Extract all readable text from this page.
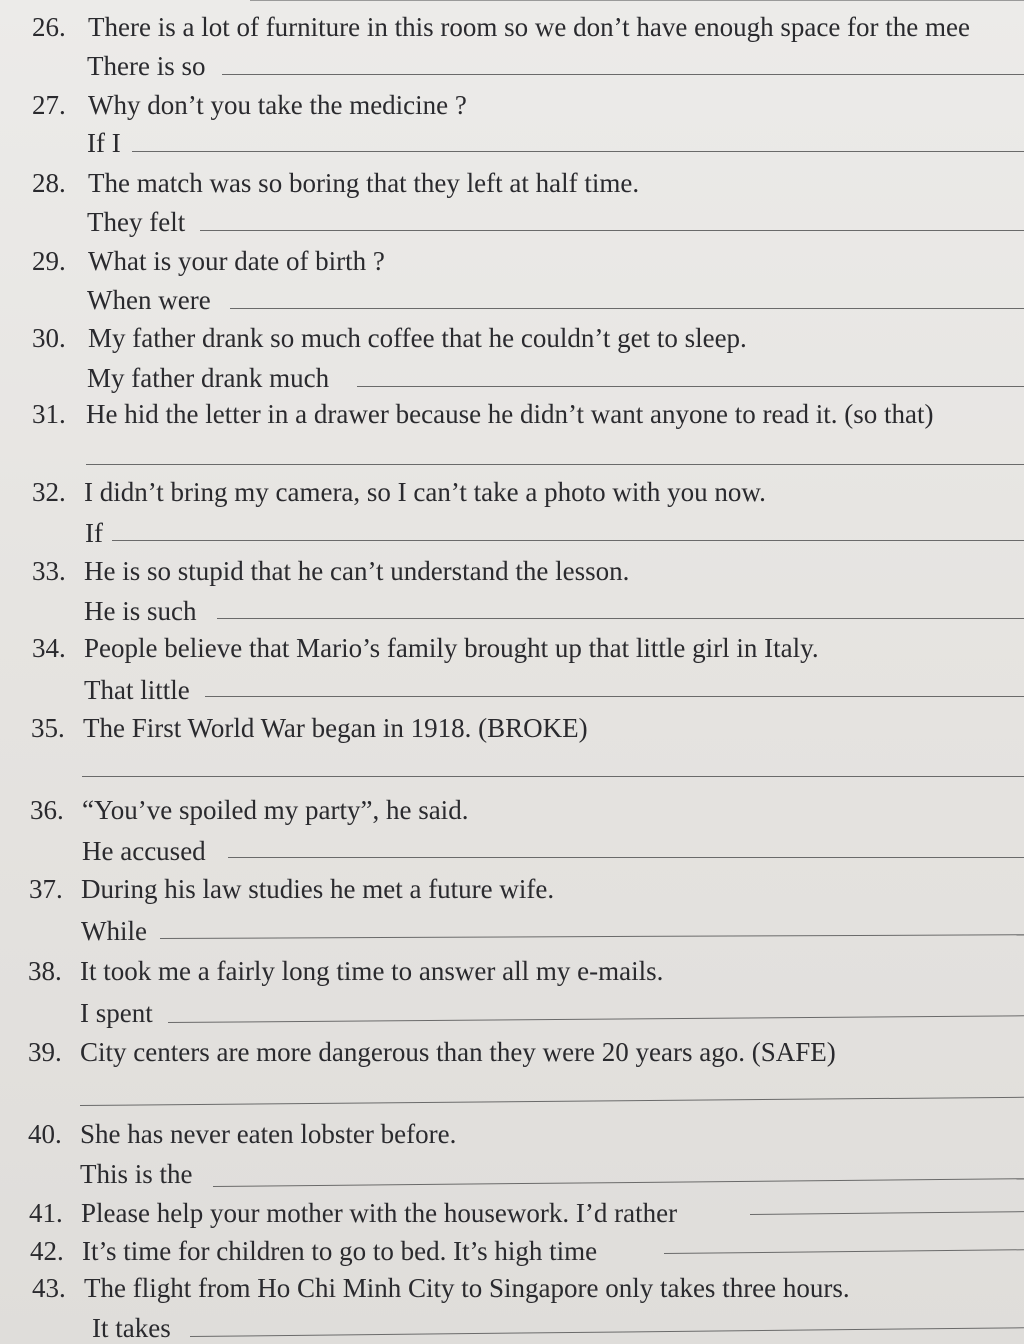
26. There is a lot of furniture in this room so we don’t have enough space for the mee
There is so
27. Why don’t you take the medicine ?
If I
28. The match was so boring that they left at half time.
They felt
29. What is your date of birth ?
When were
30. My father drank so much coffee that he couldn’t get to sleep.
My father drank much
31. He hid the letter in a drawer because he didn’t want anyone to read it. (so that)
32. I didn’t bring my camera, so I can’t take a photo with you now.
If
33. He is so stupid that he can’t understand the lesson.
He is such
34. People believe that Mario’s family brought up that little girl in Italy.
That little
35. The First World War began in 1918. (BROKE)
36. “You’ve spoiled my party”, he said.
He accused
37. During his law studies he met a future wife.
While
38. It took me a fairly long time to answer all my e-mails.
I spent
39. City centers are more dangerous than they were 20 years ago. (SAFE)
40. She has never eaten lobster before.
This is the
41. Please help your mother with the housework. I’d rather
42. It’s time for children to go to bed. It’s high time
43. The flight from Ho Chi Minh City to Singapore only takes three hours.
It takes
